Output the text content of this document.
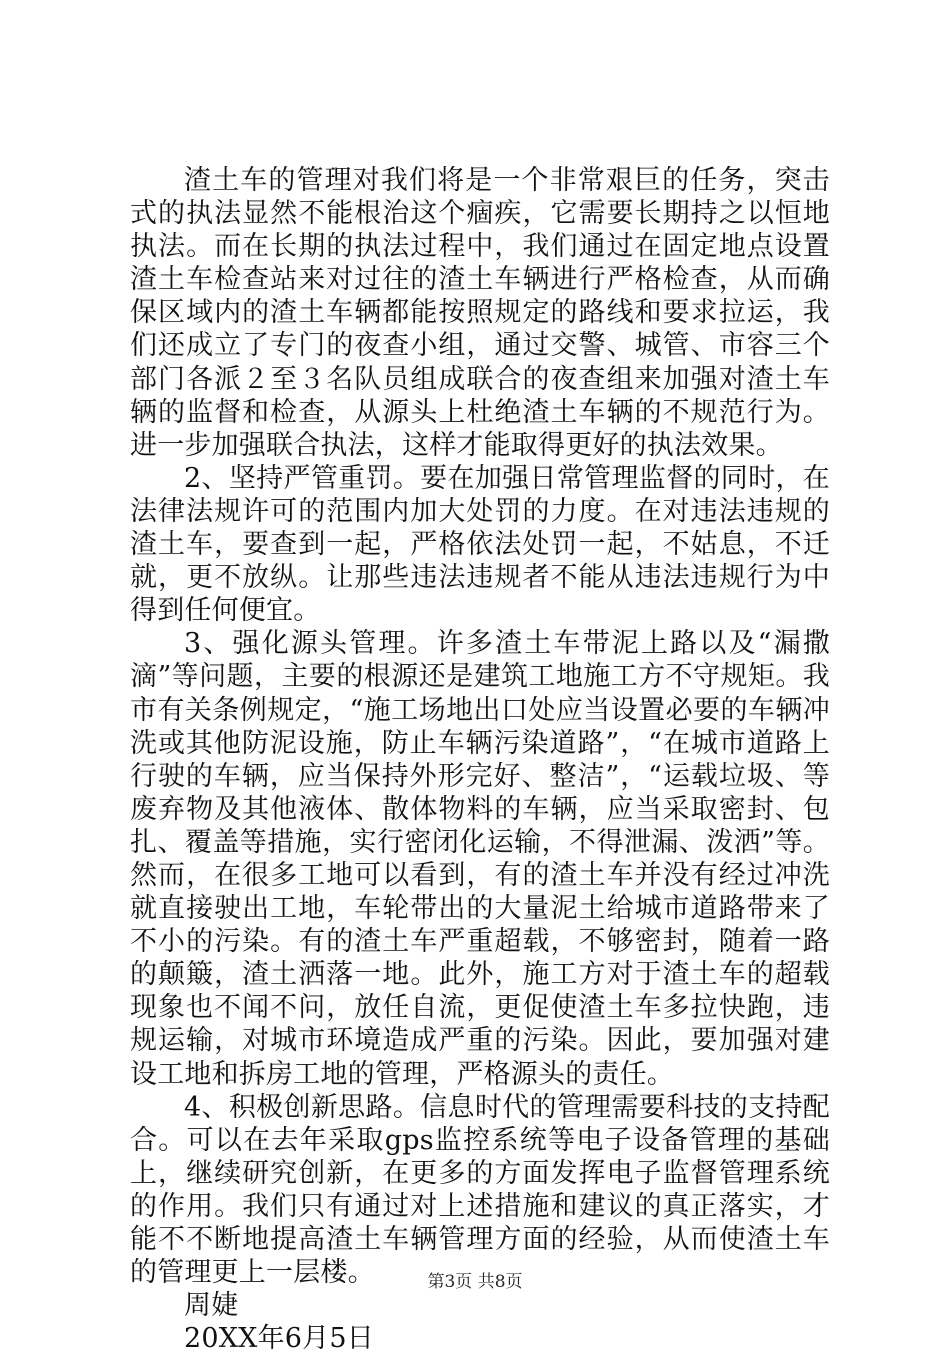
渣土车的管理对我们将是一个非常艰巨的任务，突击式的执法显然不能根治这个痼疾，它需要长期持之以恒地执法。而在长期的执法过程中，我们通过在固定地点设置渣土车检查站来对过往的渣土车辆进行严格检查，从而确保区域内的渣土车辆都能按照规定的路线和要求拉运，我们还成立了专门的夜查小组，通过交警、城管、市容三个部门各派２至３名队员组成联合的夜查组来加强对渣土车辆的监督和检查，从源头上杜绝渣土车辆的不规范行为。进一步加强联合执法，这样才能取得更好的执法效果。

2、坚持严管重罚。要在加强日常管理监督的同时，在法律法规许可的范围内加大处罚的力度。在对违法违规的渣土车，要查到一起，严格依法处罚一起，不姑息，不迁就，更不放纵。让那些违法违规者不能从违法违规行为中得到任何便宜。

3、强化源头管理。许多渣土车带泥上路以及“漏撒滴”等问题，主要的根源还是建筑工地施工方不守规矩。我市有关条例规定，“施工场地出口处应当设置必要的车辆冲洗或其他防泥设施，防止车辆污染道路”，“在城市道路上行驶的车辆，应当保持外形完好、整洁”，“运载垃圾、等废弃物及其他液体、散体物料的车辆，应当采取密封、包扎、覆盖等措施，实行密闭化运输，不得泄漏、泼洒”等。然而，在很多工地可以看到，有的渣土车并没有经过冲洗就直接驶出工地，车轮带出的大量泥土给城市道路带来了不小的污染。有的渣土车严重超载，不够密封，随着一路的颠簸，渣土洒落一地。此外，施工方对于渣土车的超载现象也不闻不问，放任自流，更促使渣土车多拉快跑，违规运输，对城市环境造成严重的污染。因此，要加强对建设工地和拆房工地的管理，严格源头的责任。

4、积极创新思路。信息时代的管理需要科技的支持配合。可以在去年采取gps监控系统等电子设备管理的基础上，继续研究创新，在更多的方面发挥电子监督管理系统的作用。我们只有通过对上述措施和建议的真正落实，才能不不断地提高渣土车辆管理方面的经验，从而使渣土车的管理更上一层楼。

周婕

20XX年6月5日

第3页 共8页
